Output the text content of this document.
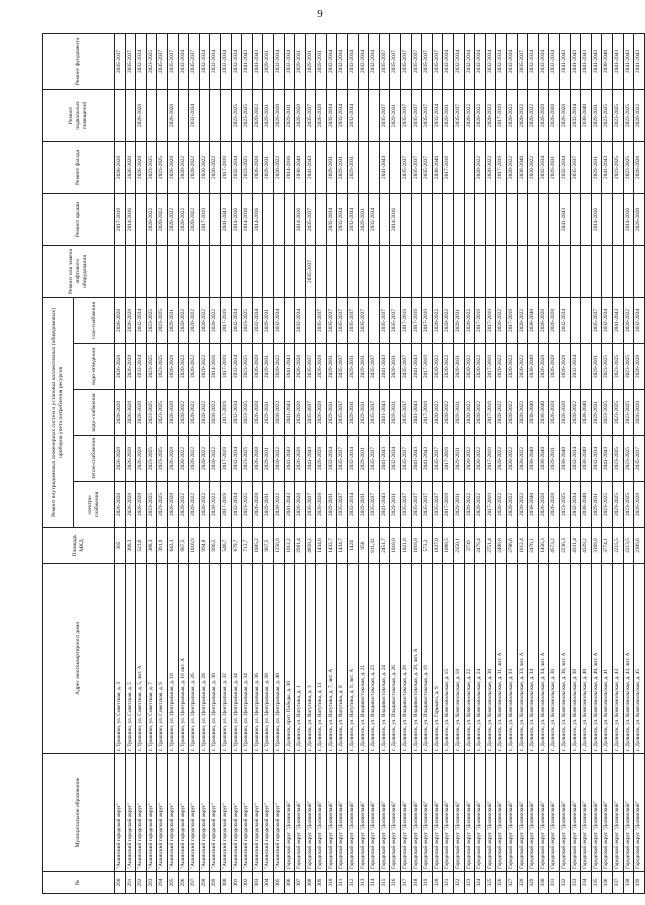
9
№	Муниципальное образование	Адрес многоквартирного дома	Площадь МКД	Ремонт внутридомовых инженерных систем и установка коллективных (общедомовых) приборов учета потребления ресурсов					Ремонт или замена лифтового оборудования	Ремонт крыши	Ремонт фасада	Ремонт подвальных помещений	Ремонт фундамента
				электро-снабжения	тепло-снабжения	водо-снабжения	водо-отведения	газо-снабжения					
290	"Ашинский городской округ"	г. Трошино, ул. Советская, д. 3	395	2026-2028	2026-2028	2026-2028	2026-2028	2026-2028		2017-2019	2026-2028		2035-2037
291	"Ашинский городской округ"	г. Трошино, ул. Советская, д. 5	388,3	2026-2028	2026-2028	2026-2028	2026-2028	2026-2028		2014-2016	2026-2028		2035-2037
292	"Ашинский городской округ"	г. Трошино, ул. Советская, д. 5, лит. А	523,6	2026-2028	2026-2028	2026-2028	2032-2034	2032-2034			2026-2028	2026-2028	2032-2034
293	"Ашинский городской округ"	г. Трошино, ул. Советская, д. 7	388,3	2023-2025	2023-2025	2023-2025	2023-2025	2023-2025		2020-2022	2023-2025		2023-2025
294	"Ашинский городской округ"	г. Трошино, ул. Советская, д. 9	391,9	2023-2025	2023-2025	2023-2025	2023-2025	2023-2025		2020-2022	2023-2025		2035-2037
295	"Ашинский городской округ"	г. Трошино, ул. Центральная, д. 18	643,3	2026-2028	2026-2028	2026-2028	2026-2028	2029-2031		2020-2022	2026-2028	2026-2028	2035-2037
296	"Ашинский городской округ"	г. Трошино, ул. Центральная, д. 18 лит. А	967,5	2020-2022	2020-2022	2020-2022	2020-2022	2020-2022		2020-2022	2020-2022		2032-2034
297	"Ашинский городской округ"	г. Трошино, ул. Центральная, д. 26	1016,9	2020-2022	2020-2022	2020-2022	2020-2022	2020-2022		2020-2022	2020-2022	2032-2034	2035-2037
298	"Ашинский городской округ"	г. Трошино, ул. Центральная, д. 28	994,8	2020-2022	2020-2022	2020-2022	2020-2022	2020-2022		2017-2019	2020-2022		2032-2034
299	"Ашинский городской округ"	г. Трошино, ул. Центральная, д. 30	996,5	2020-2022	2020-2022	2020-2022	2014-2016	2020-2022			2020-2022		2032-2034
300	"Ашинский городской округ"	г. Трошино, ул. Центральная, д. 32	546,7	2017-2019	2017-2019	2017-2019	2017-2019	2017-2019		2041-2043	2017-2019		2032-2034
301	"Ашинский городской округ"	г. Трошино, ул. Центральная, д. 34	679,7	2032-2034	2032-2034	2032-2034	2032-2034	2032-2034		2014-2016	2032-2034	2023-2025	2032-2034
302	"Ашинский городской округ"	г. Трошино, ул. Центральная, д. 34	712,7	2023-2025	2023-2025	2023-2025	2023-2025	2023-2025		2014-2016	2023-2025	2023-2025	2041-2043
303	"Ашинский городской округ"	г. Трошино, ул. Центральная, д. 36	1085,2	2026-2028	2026-2028	2026-2028	2026-2028	2032-2034		2014-2016	2026-2028	2020-2022	2041-2043
304	"Ашинский городской округ"	г. Трошино, ул. Центральная, д. 38	967,5	2029-2031	2029-2031	2029-2031	2029-2031	2029-2031			2029-2031	2029-2031	2029-2031
305	"Ашинский городской округ"	г. Трошино, ул. Центральная, д. 40	1256,9	2020-2022	2020-2022	2020-2022	2020-2022	2032-2034			2020-2022	2026-2028	2032-2034
306	Городской округ "Долинский"	г. Долинск, прлт. Победы, д. 30	1012,2	2041-2043	2041-2043	2041-2043	2041-2043				2014-2016	2029-2031	2032-2034
307	Городской округ "Долинский"	г. Долинск, ул. Ватутина, д. 1	2981,4	2026-2028	2026-2028	2026-2028	2026-2028	2032-2034		2014-2016	2038-2040	2026-2028	2029-2031
308	Городской округ "Долинский"	г. Долинск, ул. Ватутина, д. 3	4858,2	2035-2037	2041-2043	2035-2037	2035-2037		2035-2037	2035-2037	2041-2043	2035-2037	2029-2031
309	Городской округ "Долинский"	г. Долинск, ул. Ватутина, д. 13	1434,6	2026-2028	2026-2028	2026-2028	2026-2028	2035-2037				2026-2028	2029-2031
310	Городской округ "Долинский"	г. Долинск, ул. Ватутина, д. 7, лит. А	1432,7	2029-2031	2032-2034	2029-2031	2029-2031	2035-2037		2032-2034	2029-2031	2032-2034	2032-2034
311	Городской округ "Долинский"	г. Долинск, ул. Ватутина, д. 8	1434,7	2035-2037	2035-2037	2035-2037	2035-2037	2035-2037		2032-2034	2029-2031	2032-2034	2032-2034
312	Городской округ "Долинский"	г. Долинск, ул. Ватутина, д. 9, лит. А	1424	2032-2034	2032-2034	2029-2031	2029-2031	2035-2037		2032-2034	2029-2031	2032-2034	2032-2034
313	Городской округ "Долинский"	г. Долинск, ул. Владивостокская, д. 21	956	2029-2031	2029-2031	2029-2031	2029-2031	2035-2037		2029-2031			2032-2034
314	Городской округ "Долинский"	г. Долинск, ул. Владивостокская, д. 23	911,32	2035-2037	2035-2037	2035-2037	2035-2037			2032-2034			2032-2034
315	Городской округ "Долинский"	г. Долинск, ул. Владивостокская, д. 24	2451,7	2041-2043	2041-2043	2041-2043	2041-2043	2035-2037			2041-2043	2035-2037	2035-2037
316	Городской округ "Долинский"	г. Долинск, ул. Владивостокская, д. 26	1018,8	2029-2031	2032-2034	2029-2031	2029-2031	2035-2037		2014-2016		2029-2031	2035-2037
317	Городской округ "Долинский"	г. Долинск, ул. Владивостокская, д. 28	1021,8	2035-2037	2035-2037	2035-2037	2035-2037	2017-2019			2035-2037	2035-2037	2035-2037
318	Городской округ "Долинский"	г. Долинск, ул. Владивостокская, д. 28, лит. А	1018,8	2035-2037	2041-2043	2041-2043	2041-2043	2017-2019			2035-2037	2035-2037	2035-2037
319	Городской округ "Долинский"	г. Долинск, ул. Владивостокская, д. 19	572,2	2035-2037	2041-2043	2017-2019	2017-2019	2017-2019			2035-2037	2035-2037	2035-2037
320	Городской округ "Долинский"	г. Долинск, ул. Горького, д. 9	1837,0	2035-2037	2035-2037	2020-2022	2020-2022	2020-2022			2038-2040	2032-2034	2035-2037
321	Городской округ "Долинский"	г. Долинск, ул. Комсомольская, д. 15	1088,5	2017-2019	2017-2019	2020-2022	2020-2022	2020-2022			2017-2019	2029-2031	2032-2034
322	Городской округ "Долинский"	г. Долинск, ул. Комсомольская, д. 18	2350,1	2029-2031	2029-2031	2029-2031	2029-2031	2029-2031				2035-2037	2032-2034
323	Городской округ "Долинский"	г. Долинск, ул. Комсомольская, д. 22	2739	2020-2022	2020-2022	2020-2022	2020-2022	2020-2022				2020-2022	2032-2034
324	Городской округ "Долинский"	г. Долинск, ул. Комсомольская, д. 24	2479,4	2020-2022	2020-2022	2020-2022	2020-2022	2017-2019			2020-2022	2020-2022	2032-2034
325	Городской округ "Долинский"	г. Долинск, ул. Комсомольская, д. 30	2751,4	2017-2019	2017-2019	2017-2019	2017-2019	2017-2019			2020-2022	2020-2022	2032-2034
326	Городской округ "Долинский"	г. Долинск, ул. Комсомольская, д. 31, лит. А	2408,8	2020-2022	2020-2022	2020-2022	2020-2022	2020-2022			2017-2019	2017-2019	2032-2034
327	Городской округ "Долинский"	г. Долинск, ул. Комсомольская, д. 33	2706,6	2020-2022	2020-2022	2020-2022	2020-2022	2017-2019			2020-2022	2020-2022	2032-2034
328	Городской округ "Долинский"	г. Долинск, ул. Комсомольская, д. 33, лит. А	1612,4	2020-2022	2020-2022	2020-2022	2020-2022	2020-2022			2038-2040	2020-2022	2035-2037
329	Городской округ "Долинский"	г. Долинск, ул. Комсомольская, д. 34	2476,1	2038-2040	2038-2040	2038-2040	2038-2040	2038-2040			2020-2022	2020-2022	2032-2034
330	Городской округ "Долинский"	г. Долинск, ул. Комсомольская, д. 34, лит. А	1456,3	2026-2028	2038-2040	2038-2040	2026-2028	2026-2028			2032-2034	2026-2028	2032-2034
331	Городской округ "Долинский"	г. Долинск, ул. Комсомольская, д. 36	4573,2	2026-2028	2029-2031	2026-2028	2026-2028	2026-2028			2029-2031	2026-2028	2032-2034
332	Городской округ "Долинский"	г. Долинск, ул. Комсомольская, д. 36, лит. А	2236,3	2023-2025	2038-2040	2026-2028	2026-2028	2032-2034		2041-2043	2032-2034	2026-2028	2041-2043
333	Городской округ "Долинский"	г. Долинск, ул. Комсомольская, д. 38	4331,4	2032-2034	2032-2034	2020-2022	2032-2034				2035-2037	2032-2034	2041-2043
334	Городской округ "Долинский"	г. Долинск, ул. Комсомольская, д. 40	4329,2	2038-2040	2038-2040	2038-2040						2038-2040	2041-2043
335	Городской округ "Долинский"	г. Долинск, ул. Комсомольская, д. 40, лит. А	3169,9	2029-2031	2032-2034	2029-2031	2029-2031	2035-2037		2014-2016	2029-2031	2029-2031	2041-2043
336	Городской округ "Долинский"	г. Долинск, ул. Комсомольская, д. 41	3774,1	2023-2025	2041-2043	2023-2025	2023-2025	2032-2034			2041-2043	2023-2025	2038-2040
337	Городской округ "Долинский"	г. Долинск, ул. Комсомольская, д. 43	2215,5	2023-2025	2023-2025	2023-2025	2023-2025	2041-2043			2023-2025	2023-2025	2041-2043
338	Городской округ "Долинский"	г. Долинск, ул. Комсомольская, д. 43, лит. А	2213,5	2023-2025	2023-2025	2023-2025	2023-2025	2020-2022		2014-2016	2023-2025	2023-2025	2041-2043
339	Городской округ "Долинский"	г. Долинск, ул. Комсомольская, д. 45	2309,6	2026-2028	2035-2037	2026-2028	2026-2028	2032-2034		2026-2028	2026-2028	2020-2022	2041-2043
